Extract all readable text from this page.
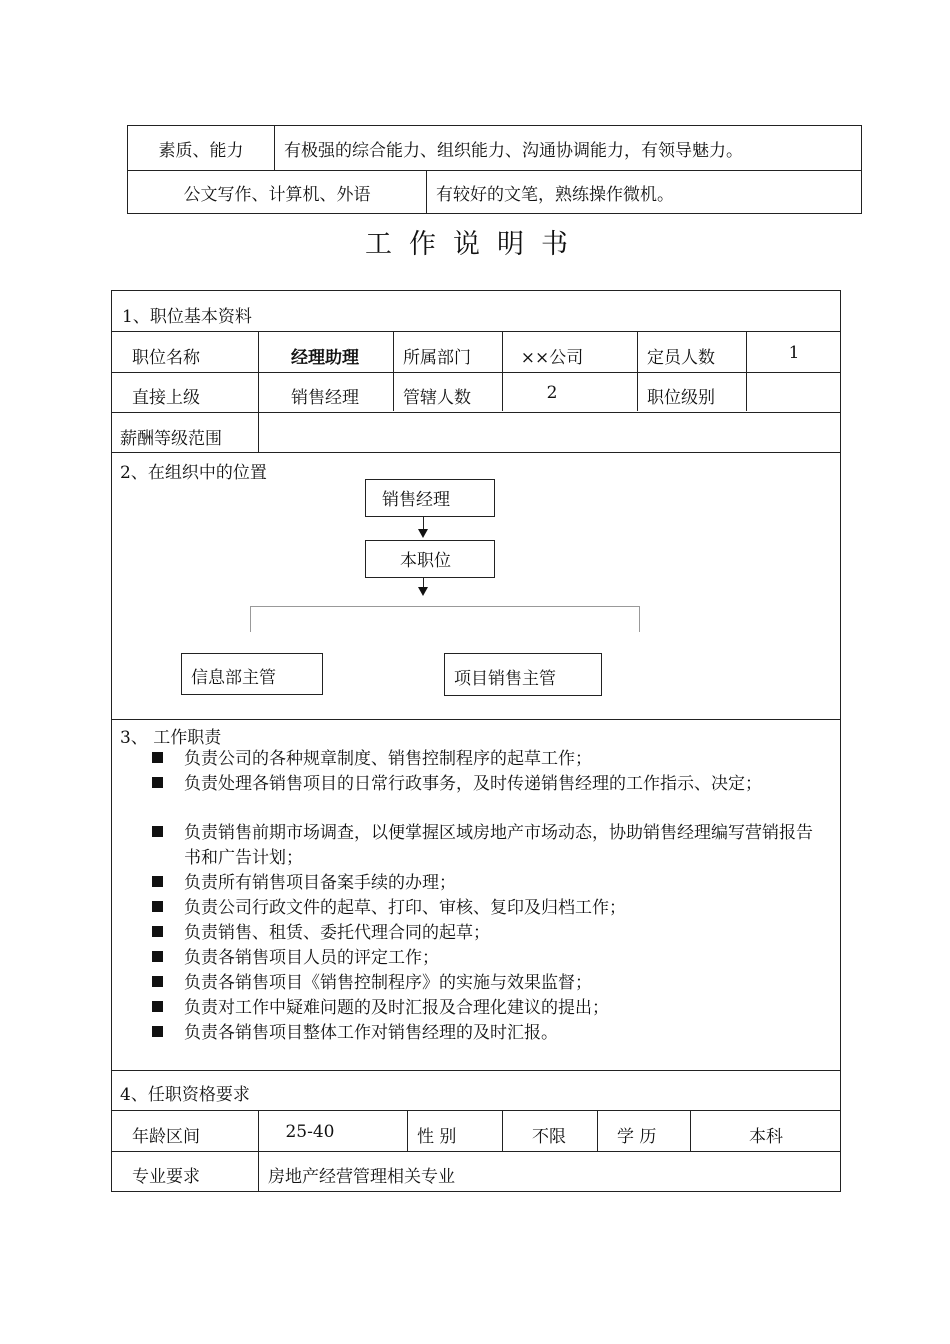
素质、能力	有极强的综合能力、组织能力、沟通协调能力，有领导魅力。
公文写作、计算机、外语	有较好的文笔，熟练操作微机。
工作说明书
1、职位基本资料
职位名称	经理助理	所属部门	××公司	定员人数	1
直接上级	销售经理	管辖人数	2	职位级别
薪酬等级范围
2、在组织中的位置
销售经理
本职位
信息部主管	项目销售主管
3、 工作职责
负责公司的各种规章制度、销售控制程序的起草工作；
负责处理各销售项目的日常行政事务，及时传递销售经理的工作指示、决定；
负责销售前期市场调查，以便掌握区域房地产市场动态，协助销售经理编写营销报告书和广告计划；
负责所有销售项目备案手续的办理；
负责公司行政文件的起草、打印、审核、复印及归档工作；
负责销售、租赁、委托代理合同的起草；
负责各销售项目人员的评定工作；
负责各销售项目《销售控制程序》的实施与效果监督；
负责对工作中疑难问题的及时汇报及合理化建议的提出；
负责各销售项目整体工作对销售经理的及时汇报。
4、任职资格要求
年龄区间	25-40	性 别	不限	学 历	本科
专业要求	房地产经营管理相关专业
